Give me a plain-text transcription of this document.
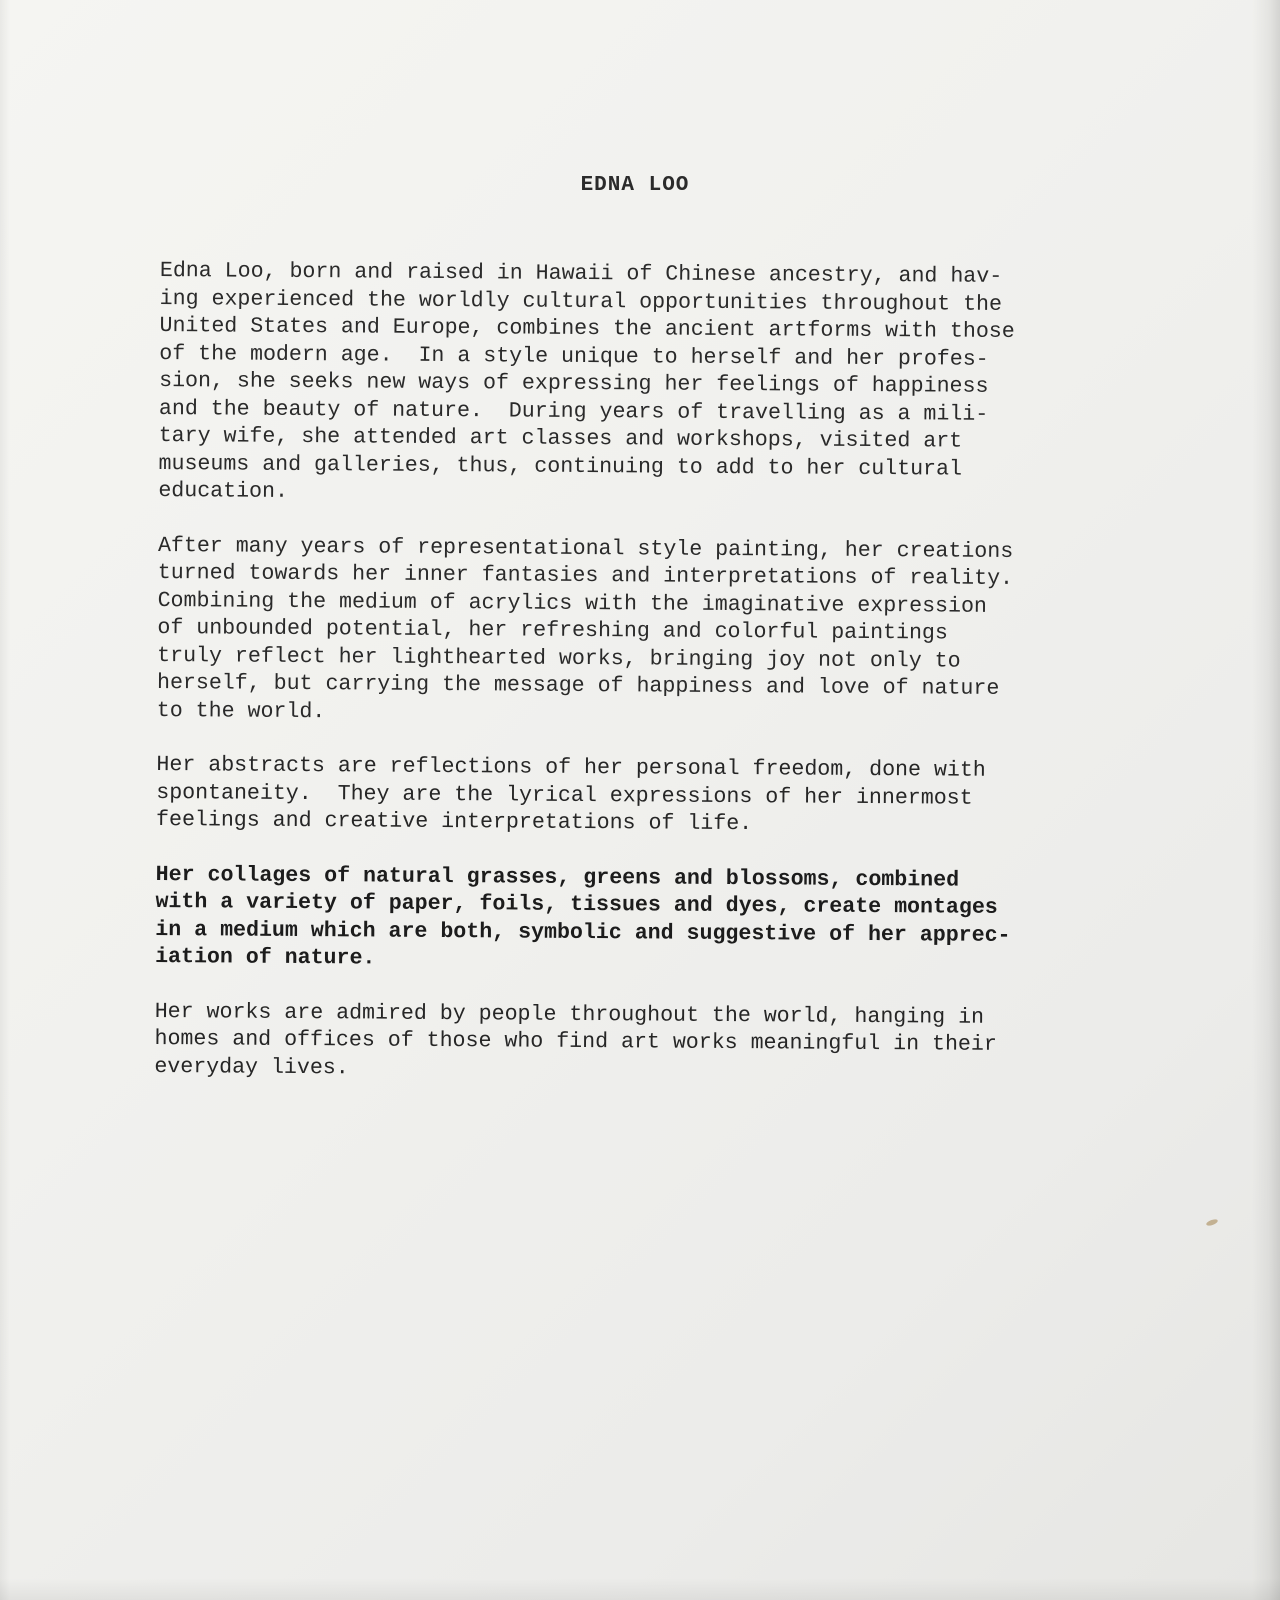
EDNA LOO

Edna Loo, born and raised in Hawaii of Chinese ancestry, and hav-
ing experienced the worldly cultural opportunities throughout the
United States and Europe, combines the ancient artforms with those
of the modern age.  In a style unique to herself and her profes-
sion, she seeks new ways of expressing her feelings of happiness
and the beauty of nature.  During years of travelling as a mili-
tary wife, she attended art classes and workshops, visited art
museums and galleries, thus, continuing to add to her cultural
education.

After many years of representational style painting, her creations
turned towards her inner fantasies and interpretations of reality.
Combining the medium of acrylics with the imaginative expression
of unbounded potential, her refreshing and colorful paintings
truly reflect her lighthearted works, bringing joy not only to
herself, but carrying the message of happiness and love of nature
to the world.

Her abstracts are reflections of her personal freedom, done with
spontaneity.  They are the lyrical expressions of her innermost
feelings and creative interpretations of life.

Her collages of natural grasses, greens and blossoms, combined
with a variety of paper, foils, tissues and dyes, create montages
in a medium which are both, symbolic and suggestive of her apprec-
iation of nature.

Her works are admired by people throughout the world, hanging in
homes and offices of those who find art works meaningful in their
everyday lives.
